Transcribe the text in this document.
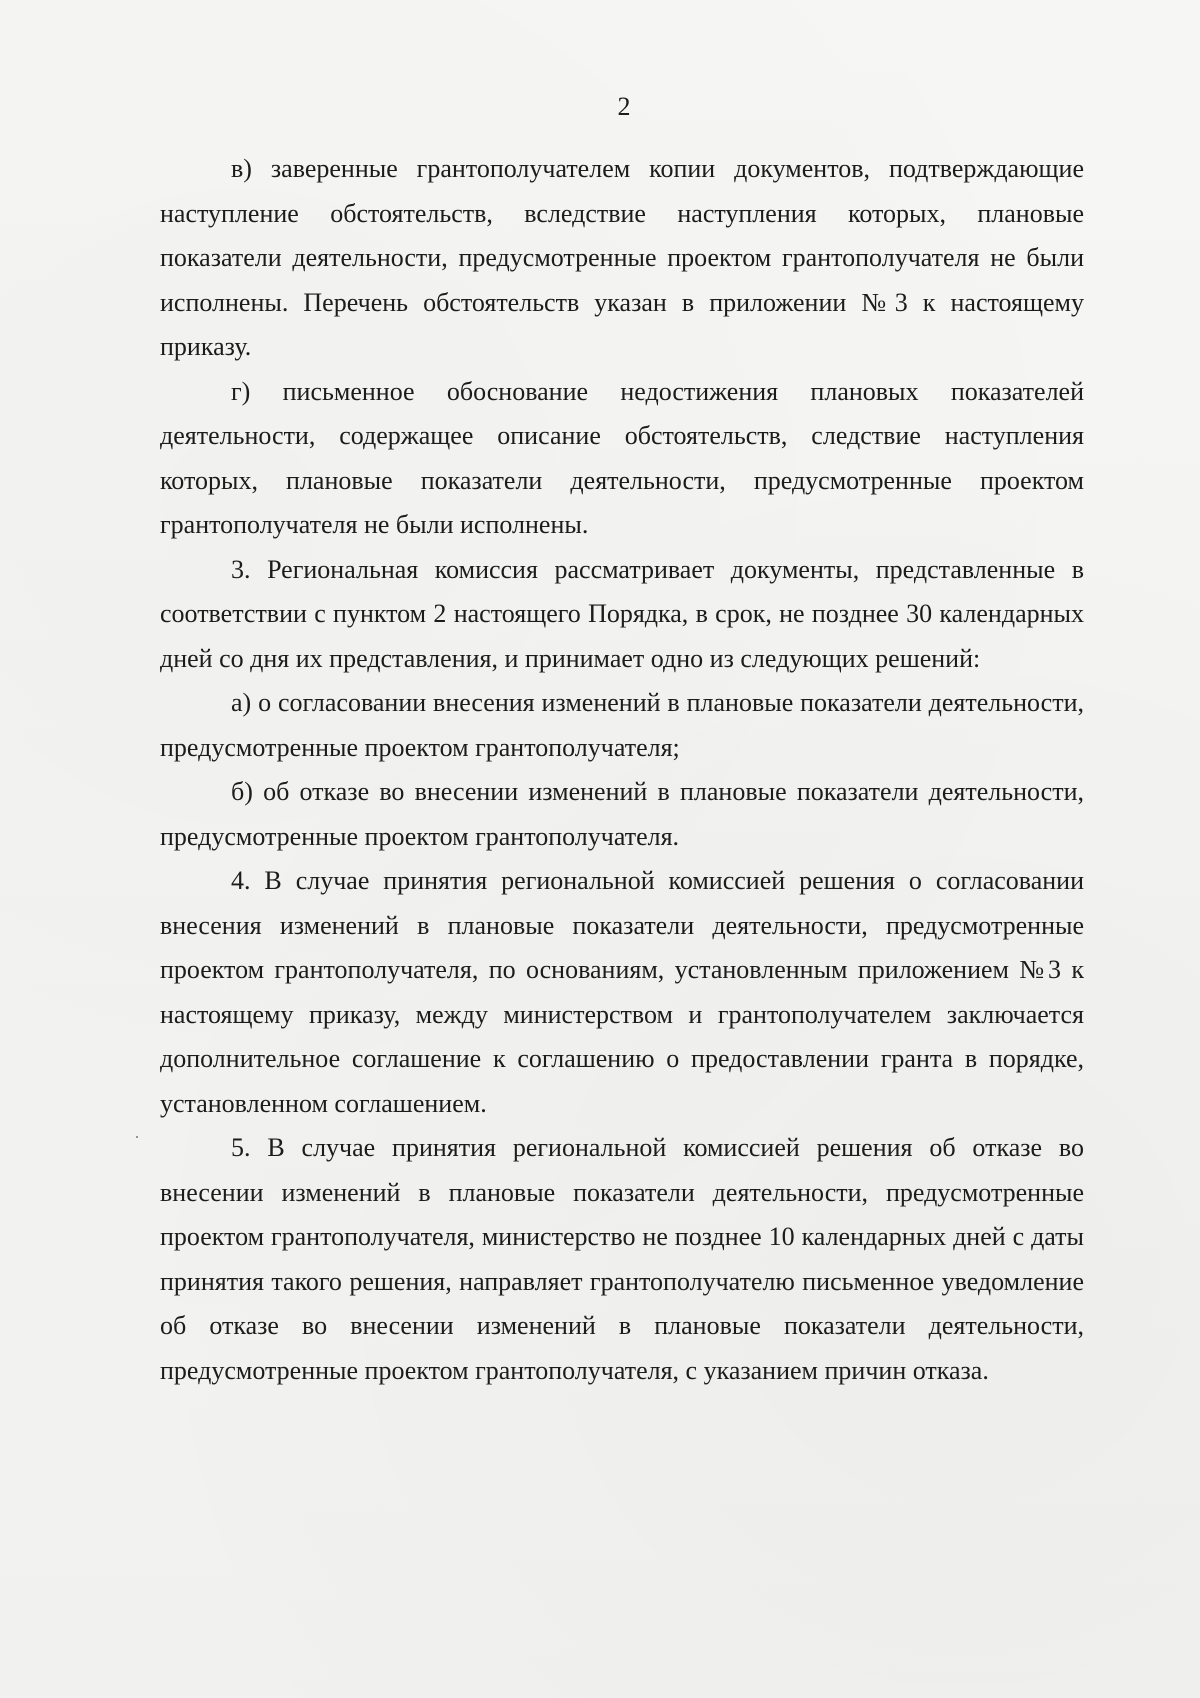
2

в) заверенные грантополучателем копии документов, подтверждающие наступление обстоятельств, вследствие наступления которых, плановые показатели деятельности, предусмотренные проектом грантополучателя не были исполнены. Перечень обстоятельств указан в приложении №3 к настоящему приказу.

г) письменное обоснование недостижения плановых показателей деятельности, содержащее описание обстоятельств, следствие наступления которых, плановые показатели деятельности, предусмотренные проектом грантополучателя не были исполнены.

3. Региональная комиссия рассматривает документы, представленные в соответствии с пунктом 2 настоящего Порядка, в срок, не позднее 30 календарных дней со дня их представления, и принимает одно из следующих решений:

а) о согласовании внесения изменений в плановые показатели деятельности, предусмотренные проектом грантополучателя;

б) об отказе во внесении изменений в плановые показатели деятельности, предусмотренные проектом грантополучателя.

4. В случае принятия региональной комиссией решения о согласовании внесения изменений в плановые показатели деятельности, предусмотренные проектом грантополучателя, по основаниям, установленным приложением №3 к настоящему приказу, между министерством и грантополучателем заключается дополнительное соглашение к соглашению о предоставлении гранта в порядке, установленном соглашением.

5. В случае принятия региональной комиссией решения об отказе во внесении изменений в плановые показатели деятельности, предусмотренные проектом грантополучателя, министерство не позднее 10 календарных дней с даты принятия такого решения, направляет грантополучателю письменное уведомление об отказе во внесении изменений в плановые показатели деятельности, предусмотренные проектом грантополучателя, с указанием причин отказа.
